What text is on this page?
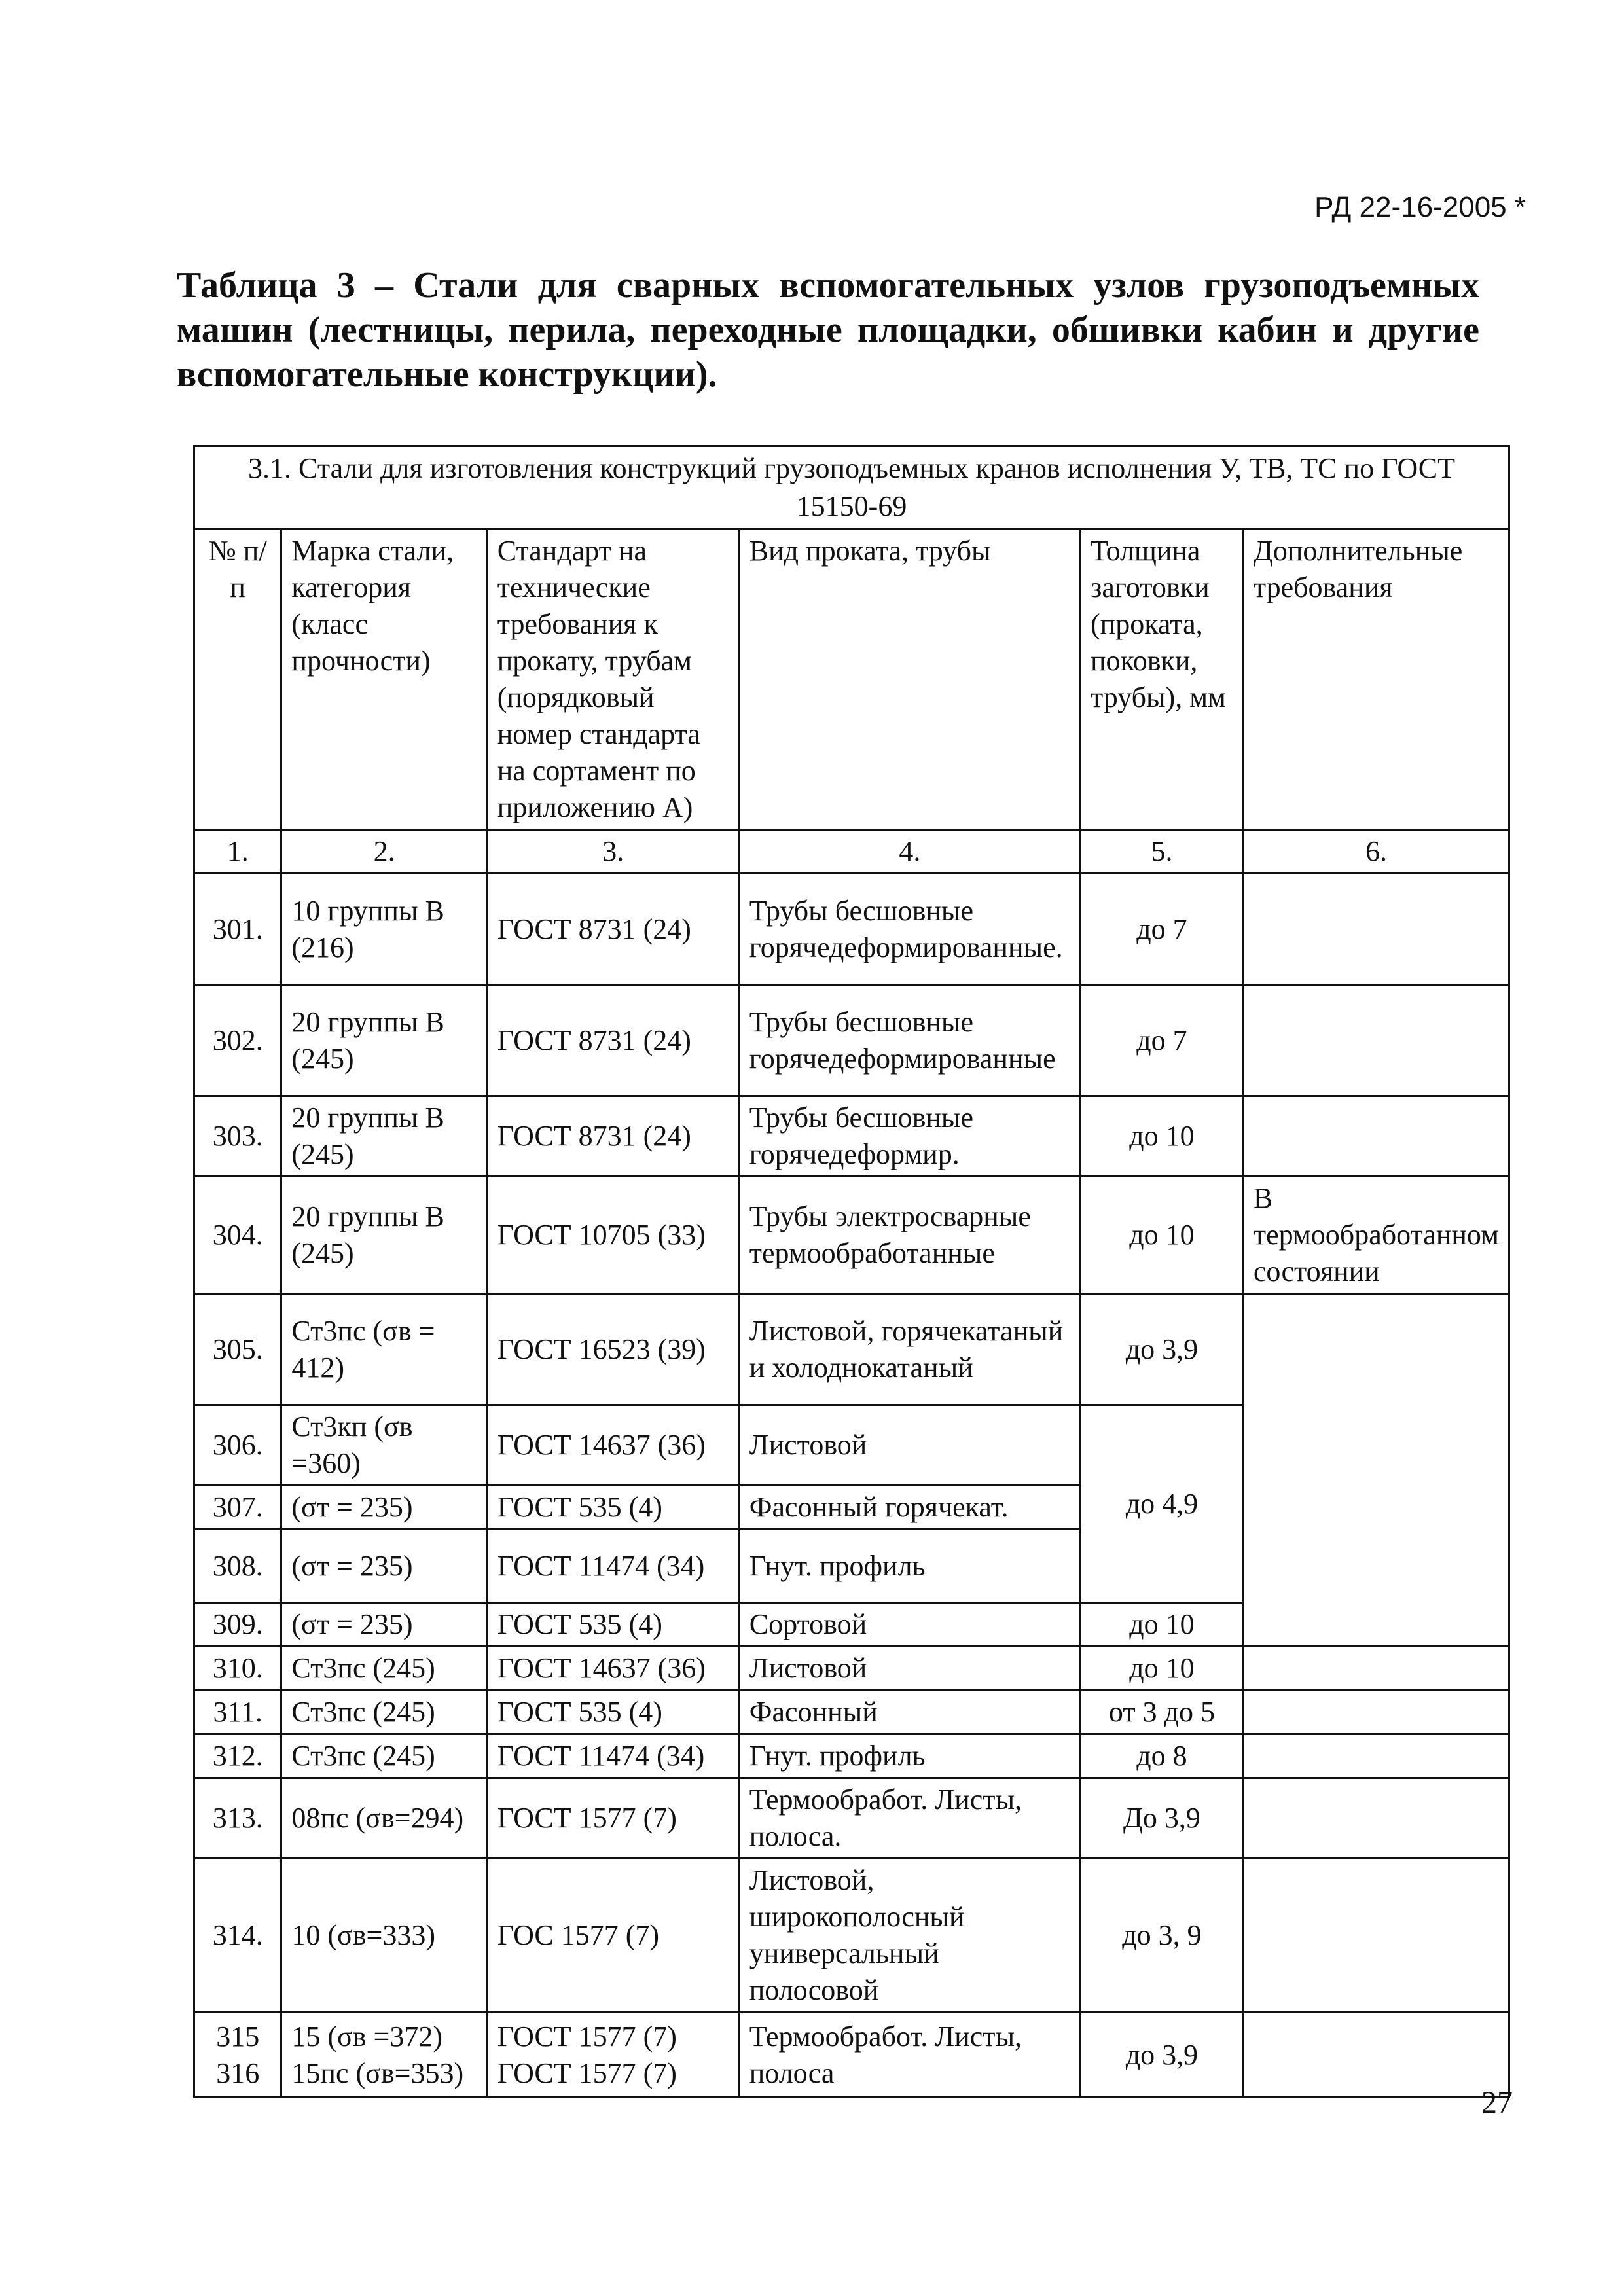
РД 22-16-2005 *
Таблица 3 – Стали для сварных вспомогательных узлов грузоподъемных машин (лестницы, перила, переходные площадки, обшивки кабин и другие вспомогательные конструкции).
3.1. Стали для изготовления конструкций грузоподъемных кранов исполнения У, ТВ, ТС по ГОСТ 15150-69					
№ п/п	Марка стали, категория (класс прочности)	Стандарт на технические требования к прокату, трубам (порядковый номер стандарта на сортамент по приложению А)	Вид проката, трубы	Толщина заготовки (проката, поковки, трубы), мм	Дополнительные требования
1.	2.	3.	4.	5.	6.
301.	10 группы В (216)	ГОСТ 8731 (24)	Трубы бесшовные горячедеформированные.	до 7	
302.	20 группы В (245)	ГОСТ 8731 (24)	Трубы бесшовные горячедеформированные	до 7	
303.	20 группы В (245)	ГОСТ 8731 (24)	Трубы бесшовные горячедеформир.	до 10	
304.	20 группы В (245)	ГОСТ 10705 (33)	Трубы электросварные термообработанные	до 10	В термообработанном состоянии
305.	Ст3пс (σв = 412)	ГОСТ 16523 (39)	Листовой, горячекатаный и холоднокатаный	до 3,9	
306.	Ст3кп (σв =360)	ГОСТ 14637 (36)	Листовой	до 4,9	
307.	(σт = 235)	ГОСТ 535 (4)	Фасонный горячекат.		
308.	(σт = 235)	ГОСТ 11474 (34)	Гнут. профиль		
309.	(σт = 235)	ГОСТ 535 (4)	Сортовой	до 10	
310.	Ст3пс (245)	ГОСТ 14637 (36)	Листовой	до 10	
311.	Ст3пс (245)	ГОСТ 535 (4)	Фасонный	от 3 до 5	
312.	Ст3пс (245)	ГОСТ 11474 (34)	Гнут. профиль	до 8	
313.	08пс (σв=294)	ГОСТ 1577 (7)	Термообработ. Листы, полоса.	До 3,9	
314.	10 (σв=333)	ГОС 1577 (7)	Листовой, широкополосный универсальный полосовой	до 3, 9	
315 316	15 (σв =372) 15пс (σв=353)	ГОСТ 1577 (7) ГОСТ 1577 (7)	Термообработ. Листы, полоса	до 3,9	
27
